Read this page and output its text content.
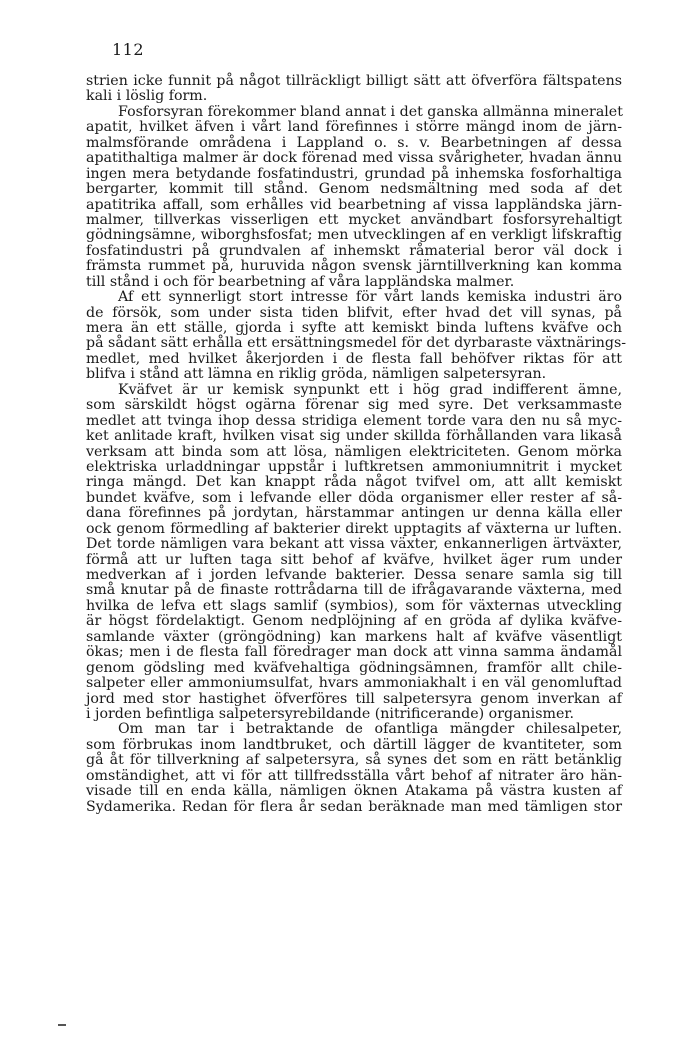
112
strien icke funnit på något tillräckligt billigt sätt att öfverföra fältspatens
kali i löslig form.
Fosforsyran förekommer bland annat i det ganska allmänna mineralet
apatit, hvilket äfven i vårt land förefinnes i större mängd inom de järn-
malmsförande områdena i Lappland o. s. v. Bearbetningen af dessa
apatithaltiga malmer är dock förenad med vissa svårigheter, hvadan ännu
ingen mera betydande fosfatindustri, grundad på inhemska fosforhaltiga
bergarter, kommit till stånd. Genom nedsmältning med soda af det
apatitrika affall, som erhålles vid bearbetning af vissa lappländska järn-
malmer, tillverkas visserligen ett mycket användbart fosforsyrehaltigt
gödningsämne, wiborghsfosfat; men utvecklingen af en verkligt lifskraftig
fosfatindustri på grundvalen af inhemskt råmaterial beror väl dock i
främsta rummet på, huruvida någon svensk järntillverkning kan komma
till stånd i och för bearbetning af våra lappländska malmer.
Af ett synnerligt stort intresse för vårt lands kemiska industri äro
de försök, som under sista tiden blifvit, efter hvad det vill synas, på
mera än ett ställe, gjorda i syfte att kemiskt binda luftens kväfve och
på sådant sätt erhålla ett ersättningsmedel för det dyrbaraste växtnärings-
medlet, med hvilket åkerjorden i de flesta fall behöfver riktas för att
blifva i stånd att lämna en riklig gröda, nämligen salpetersyran.
Kväfvet är ur kemisk synpunkt ett i hög grad indifferent ämne,
som särskildt högst ogärna förenar sig med syre. Det verksammaste
medlet att tvinga ihop dessa stridiga element torde vara den nu så myc-
ket anlitade kraft, hvilken visat sig under skillda förhållanden vara likaså
verksam att binda som att lösa, nämligen elektriciteten. Genom mörka
elektriska urladdningar uppstår i luftkretsen ammoniumnitrit i mycket
ringa mängd. Det kan knappt råda något tvifvel om, att allt kemiskt
bundet kväfve, som i lefvande eller döda organismer eller rester af så-
dana förefinnes på jordytan, härstammar antingen ur denna källa eller
ock genom förmedling af bakterier direkt upptagits af växterna ur luften.
Det torde nämligen vara bekant att vissa växter, enkannerligen ärtväxter,
förmå att ur luften taga sitt behof af kväfve, hvilket äger rum under
medverkan af i jorden lefvande bakterier. Dessa senare samla sig till
små knutar på de finaste rottrådarna till de ifrågavarande växterna, med
hvilka de lefva ett slags samlif (symbios), som för växternas utveckling
är högst fördelaktigt. Genom nedplöjning af en gröda af dylika kväfve-
samlande växter (gröngödning) kan markens halt af kväfve väsentligt
ökas; men i de flesta fall föredrager man dock att vinna samma ändamål
genom gödsling med kväfvehaltiga gödningsämnen, framför allt chile-
salpeter eller ammoniumsulfat, hvars ammoniakhalt i en väl genomluftad
jord med stor hastighet öfverföres till salpetersyra genom inverkan af
i jorden befintliga salpetersyrebildande (nitrificerande) organismer.
Om man tar i betraktande de ofantliga mängder chilesalpeter,
som förbrukas inom landtbruket, och därtill lägger de kvantiteter, som
gå åt för tillverkning af salpetersyra, så synes det som en rätt betänklig
omständighet, att vi för att tillfredsställa vårt behof af nitrater äro hän-
visade till en enda källa, nämligen öknen Atakama på västra kusten af
Sydamerika. Redan för flera år sedan beräknade man med tämligen stor
